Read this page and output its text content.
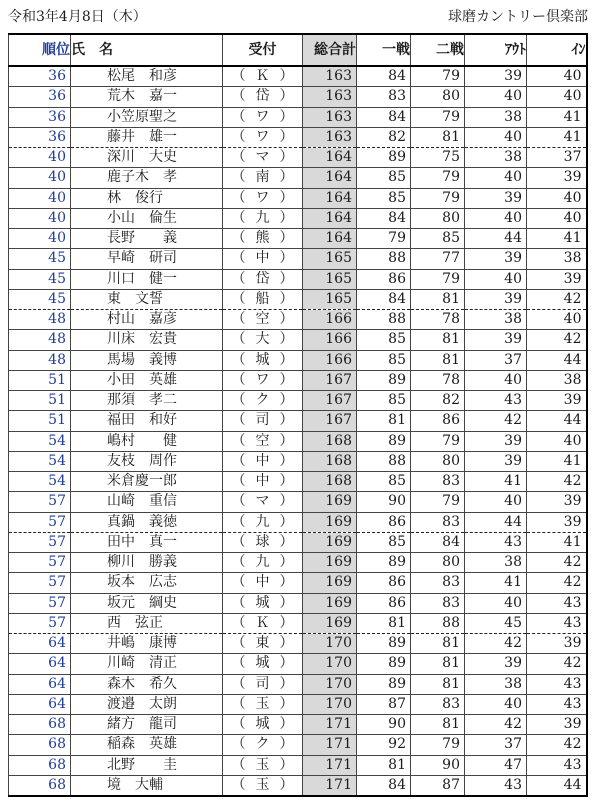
令和3年4月8日（木）	球磨カントリー倶楽部
順位	氏　名	受付	総合計	一戦	二戦	ｱｳﾄ	ｲﾝ
36	松尾　和彦	（ Ｋ ）	163	84	79	39	40
36	荒木　嘉一	（ 岱 ）	163	83	80	40	40
36	小笠原聖之	（ ワ ）	163	84	79	38	41
36	藤井　雄一	（ ワ ）	163	82	81	40	41
40	深川　大史	（ マ ）	164	89	75	38	37
40	鹿子木　孝	（ 南 ）	164	85	79	40	39
40	林　俊行	（ ワ ）	164	85	79	39	40
40	小山　倫生	（ 九 ）	164	84	80	40	40
40	長野　　義	（ 熊 ）	164	79	85	44	41
45	早崎　研司	（ 中 ）	165	88	77	39	38
45	川口　健一	（ 岱 ）	165	86	79	40	39
45	東　文誓	（ 船 ）	165	84	81	39	42
48	村山　嘉彦	（ 空 ）	166	88	78	38	40
48	川床　宏貴	（ 大 ）	166	85	81	39	42
48	馬場　義博	（ 城 ）	166	85	81	37	44
51	小田　英雄	（ ワ ）	167	89	78	40	38
51	那須　孝二	（ ク ）	167	85	82	43	39
51	福田　和好	（ 司 ）	167	81	86	42	44
54	嶋村　　健	（ 空 ）	168	89	79	39	40
54	友枝　周作	（ 中 ）	168	88	80	39	41
54	米倉慶一郎	（ 中 ）	168	85	83	41	42
57	山崎　重信	（ マ ）	169	90	79	40	39
57	真鍋　義徳	（ 九 ）	169	86	83	44	39
57	田中　真一	（ 球 ）	169	85	84	43	41
57	柳川　勝義	（ 九 ）	169	89	80	38	42
57	坂本　広志	（ 中 ）	169	86	83	41	42
57	坂元　綱史	（ 城 ）	169	86	83	40	43
57	西　弦正	（ Ｋ ）	169	81	88	45	43
64	井嶋　康博	（ 東 ）	170	89	81	42	39
64	川崎　清正	（ 城 ）	170	89	81	39	42
64	森木　希久	（ 司 ）	170	89	81	38	43
64	渡邉　太朗	（ 玉 ）	170	87	83	40	43
68	緒方　龍司	（ 城 ）	171	90	81	42	39
68	稲森　英雄	（ ク ）	171	92	79	37	42
68	北野　　圭	（ 玉 ）	171	81	90	47	43
68	境　大輔	（ 玉 ）	171	84	87	43	44
